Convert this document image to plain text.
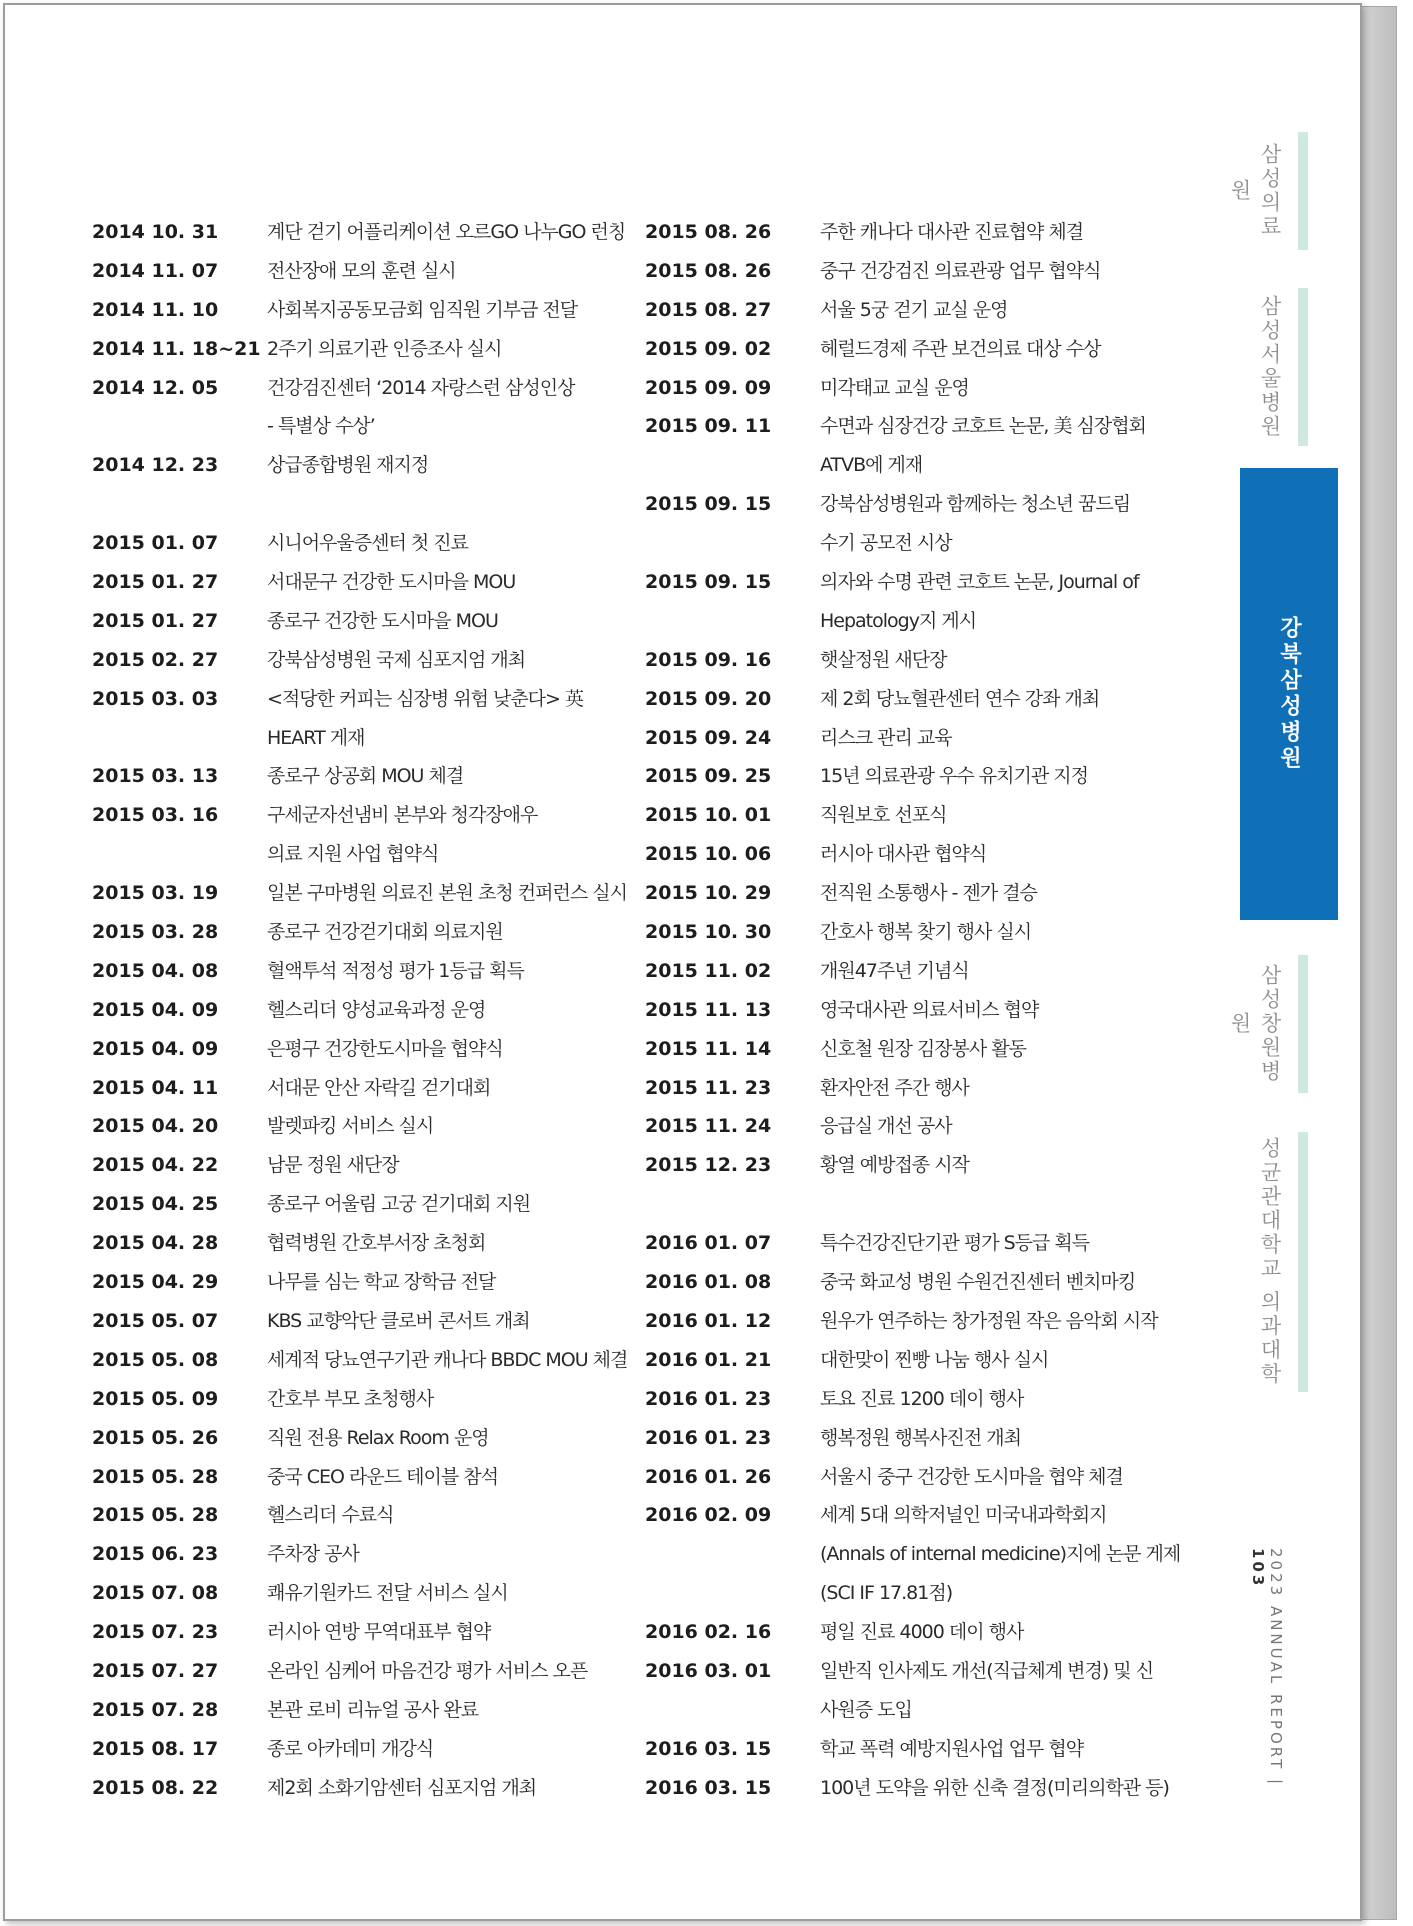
2014 10. 31	계단 걷기 어플리케이션 오르GO 나누GO 런칭
2014 11. 07	전산장애 모의 훈련 실시
2014 11. 10	사회복지공동모금회 임직원 기부금 전달
2014 11. 18~21 2주기 의료기관 인증조사 실시
2014 12. 05	건강검진센터 ‘2014 자랑스런 삼성인상
- 특별상 수상’
2014 12. 23	상급종합병원 재지정
2015 01. 07	시니어우울증센터 첫 진료
2015 01. 27	서대문구 건강한 도시마을 MOU
2015 01. 27	종로구 건강한 도시마을 MOU
2015 02. 27	강북삼성병원 국제 심포지엄 개최
2015 03. 03	<적당한 커피는 심장병 위험 낮춘다> 英
HEART 게재
2015 03. 13	종로구 상공회 MOU 체결
2015 03. 16	구세군자선냄비 본부와 청각장애우
의료 지원 사업 협약식
2015 03. 19	일본 구마병원 의료진 본원 초청 컨퍼런스 실시
2015 03. 28	종로구 건강걷기대회 의료지원
2015 04. 08	혈액투석 적정성 평가 1등급 획득
2015 04. 09	헬스리더 양성교육과정 운영
2015 04. 09	은평구 건강한도시마을 협약식
2015 04. 11	서대문 안산 자락길 걷기대회
2015 04. 20	발렛파킹 서비스 실시
2015 04. 22	남문 정원 새단장
2015 04. 25	종로구 어울림 고궁 걷기대회 지원
2015 04. 28	협력병원 간호부서장 초청회
2015 04. 29	나무를 심는 학교 장학금 전달
2015 05. 07	KBS 교향악단 클로버 콘서트 개최
2015 05. 08	세계적 당뇨연구기관 캐나다 BBDC MOU 체결
2015 05. 09	간호부 부모 초청행사
2015 05. 26	직원 전용 Relax Room 운영
2015 05. 28	중국 CEO 라운드 테이블 참석
2015 05. 28	헬스리더 수료식
2015 06. 23	주차장 공사
2015 07. 08	쾌유기원카드 전달 서비스 실시
2015 07. 23	러시아 연방 무역대표부 협약
2015 07. 27	온라인 심케어 마음건강 평가 서비스 오픈
2015 07. 28	본관 로비 리뉴얼 공사 완료
2015 08. 17	종로 아카데미 개강식
2015 08. 22	제2회 소화기암센터 심포지엄 개최
2015 08. 26	주한 캐나다 대사관 진료협약 체결
2015 08. 26	중구 건강검진 의료관광 업무 협약식
2015 08. 27	서울 5궁 걷기 교실 운영
2015 09. 02	헤럴드경제 주관 보건의료 대상 수상
2015 09. 09	미각태교 교실 운영
2015 09. 11	수면과 심장건강 코호트 논문, 美 심장협회
ATVB에 게재
2015 09. 15	강북삼성병원과 함께하는 청소년 꿈드림
수기 공모전 시상
2015 09. 15	의자와 수명 관련 코호트 논문, Journal of
Hepatology지 게시
2015 09. 16	햇살정원 새단장
2015 09. 20	제 2회 당뇨혈관센터 연수 강좌 개최
2015 09. 24	리스크 관리 교육
2015 09. 25	15년 의료관광 우수 유치기관 지정
2015 10. 01	직원보호 선포식
2015 10. 06	러시아 대사관 협약식
2015 10. 29	전직원 소통행사 - 젠가 결승
2015 10. 30	간호사 행복 찾기 행사 실시
2015 11. 02	개원47주년 기념식
2015 11. 13	영국대사관 의료서비스 협약
2015 11. 14	신호철 원장 김장봉사 활동
2015 11. 23	환자안전 주간 행사
2015 11. 24	응급실 개선 공사
2015 12. 23	황열 예방접종 시작
2016 01. 07	특수건강진단기관 평가 S등급 획득
2016 01. 08	중국 화교성 병원 수원건진센터 벤치마킹
2016 01. 12	원우가 연주하는 창가정원 작은 음악회 시작
2016 01. 21	대한맞이 찐빵 나눔 행사 실시
2016 01. 23	토요 진료 1200 데이 행사
2016 01. 23	행복정원 행복사진전 개최
2016 01. 26	서울시 중구 건강한 도시마을 협약 체결
2016 02. 09	세계 5대 의학저널인 미국내과학회지
(Annals of internal medicine)지에 논문 게제
(SCI IF 17.81점)
2016 02. 16	평일 진료 4000 데이 행사
2016 03. 01	일반직 인사제도 개선(직급체계 변경) 및 신
사원증 도입
2016 03. 15	학교 폭력 예방지원사업 업무 협약
2016 03. 15	100년 도약을 위한 신축 결정(미리의학관 등)
삼성의료원
삼성서울병원
강북삼성병원
삼성창원병원
성균관대학교 의과대학
2023 ANNUAL REPORT | 103
